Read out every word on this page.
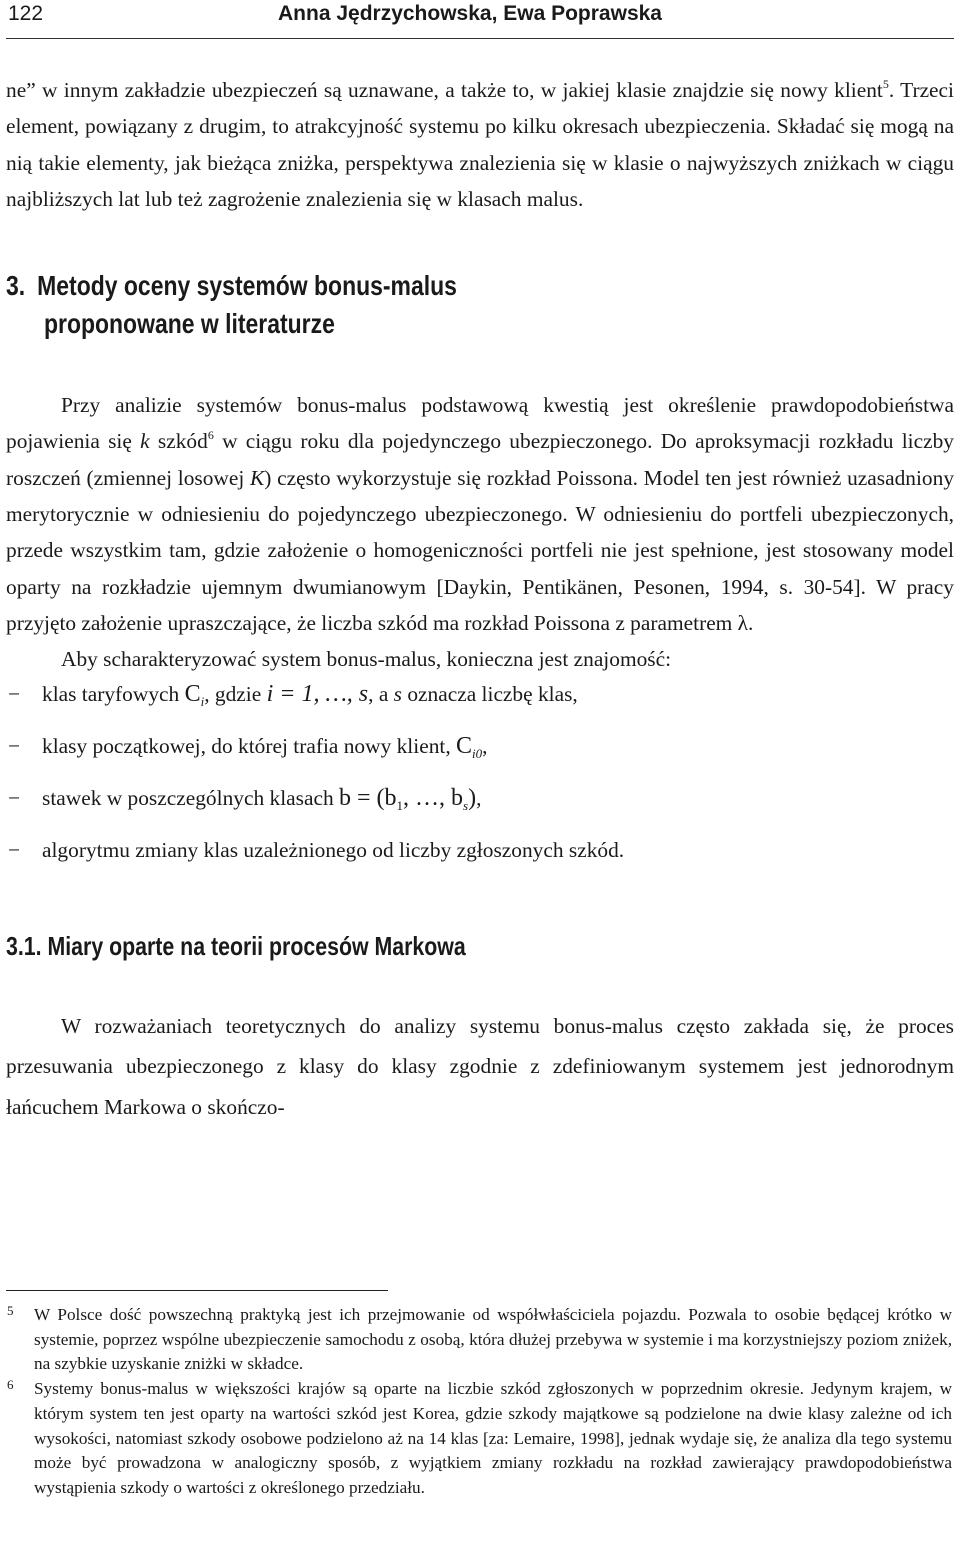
122	Anna Jędrzychowska, Ewa Poprawska

ne” w innym zakładzie ubezpieczeń są uznawane, a także to, w jakiej klasie znajdzie się nowy klient$^5$. Trzeci element, powiązany z drugim, to atrakcyjność systemu po kilku okresach ubezpieczenia. Składać się mogą na nią takie elementy, jak bieżąca zniżka, perspektywa znalezienia się w klasie o najwyższych zniżkach w ciągu najbliższych lat lub też zagrożenie znalezienia się w klasach malus.

3. Metody oceny systemów bonus-malus
proponowane w literaturze

Przy analizie systemów bonus-malus podstawową kwestią jest określenie prawdopodobieństwa pojawienia się k szkód$^6$ w ciągu roku dla pojedynczego ubezpieczonego. Do aproksymacji rozkładu liczby roszczeń (zmiennej losowej K) często wykorzystuje się rozkład Poissona. Model ten jest również uzasadniony merytorycznie w odniesieniu do pojedynczego ubezpieczonego. W odniesieniu do portfeli ubezpieczonych, przede wszystkim tam, gdzie założenie o homogeniczności portfeli nie jest spełnione, jest stosowany model oparty na rozkładzie ujemnym dwumianowym [Daykin, Pentikänen, Pesonen, 1994, s. 30-54]. W pracy przyjęto założenie upraszczające, że liczba szkód ma rozkład Poissona z parametrem λ.

Aby scharakteryzować system bonus-malus, konieczna jest znajomość:

− klas taryfowych $C_i$, gdzie i = 1, …, s, a s oznacza liczbę klas,
− klasy początkowej, do której trafia nowy klient, $C_{i0}$,
− stawek w poszczególnych klasach $b = (b_1$, …, $b_s$),
− algorytmu zmiany klas uzależnionego od liczby zgłoszonych szkód.
3.1. Miary oparte na teorii procesów Markowa

W rozważaniach teoretycznych do analizy systemu bonus-malus często zakłada się, że proces przesuwania ubezpieczonego z klasy do klasy zgodnie z zdefiniowanym systemem jest jednorodnym łańcuchem Markowa o skończo-

5 W Polsce dość powszechną praktyką jest ich przejmowanie od współwłaściciela pojazdu. Pozwala to osobie będącej krótko w systemie, poprzez wspólne ubezpieczenie samochodu z osobą, która dłużej przebywa w systemie i ma korzystniejszy poziom zniżek, na szybkie uzyskanie zniżki w składce.
6 Systemy bonus-malus w większości krajów są oparte na liczbie szkód zgłoszonych w poprzednim okresie. Jedynym krajem, w którym system ten jest oparty na wartości szkód jest Korea, gdzie szkody majątkowe są podzielone na dwie klasy zależne od ich wysokości, natomiast szkody osobowe podzielono aż na 14 klas [za: Lemaire, 1998], jednak wydaje się, że analiza dla tego systemu może być prowadzona w analogiczny sposób, z wyjątkiem zmiany rozkładu na rozkład zawierający prawdopodobieństwa wystąpienia szkody o wartości z określonego przedziału.
